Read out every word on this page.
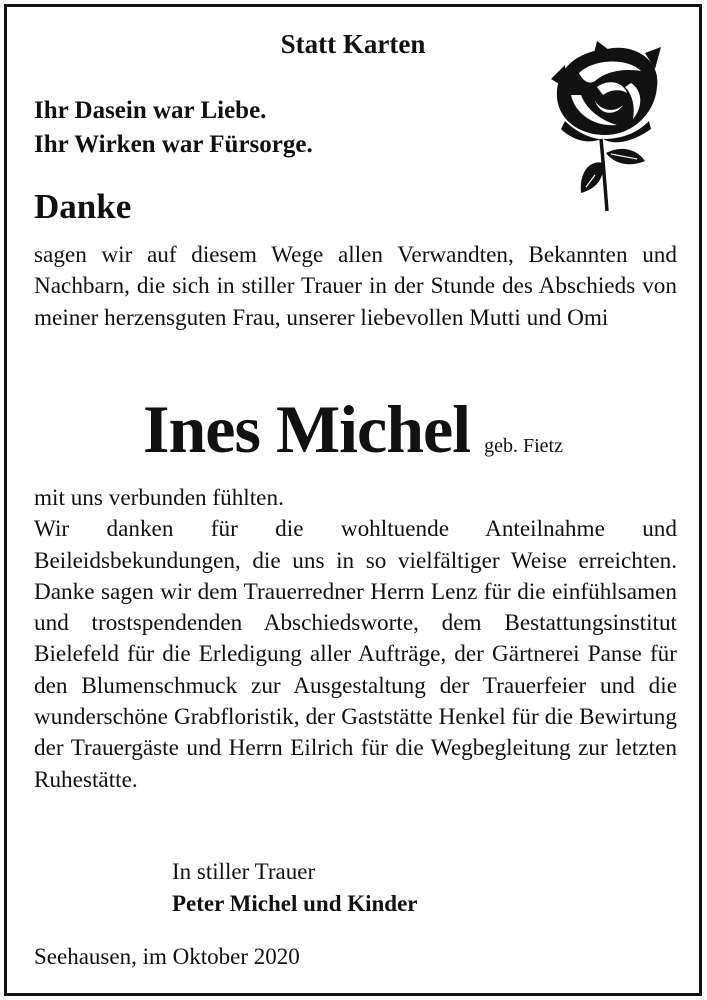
Statt Karten
Ihr Dasein war Liebe.
Ihr Wirken war Fürsorge.
Danke

sagen wir auf diesem Wege allen Verwandten, Bekannten und Nachbarn, die sich in stiller Trauer in der Stunde des Abschieds von meiner herzensguten Frau, unserer liebevollen Mutti und Omi

Ines Michel geb. Fietz
mit uns verbunden fühlten.
Wir danken für die wohltuende Anteilnahme und Beileidsbekundungen, die uns in so vielfältiger Weise erreichten. Danke sagen wir dem Trauerredner Herrn Lenz für die einfühlsamen und trostspendenden Abschiedsworte, dem Bestattungsinstitut Bielefeld für die Erledigung aller Aufträge, der Gärtnerei Panse für den Blumenschmuck zur Ausgestaltung der Trauerfeier und die wunderschöne Grabfloristik, der Gaststätte Henkel für die Bewirtung der Trauergäste und Herrn Eilrich für die Wegbegleitung zur letzten Ruhestätte.
In stiller Trauer
Peter Michel und Kinder
Seehausen, im Oktober 2020
